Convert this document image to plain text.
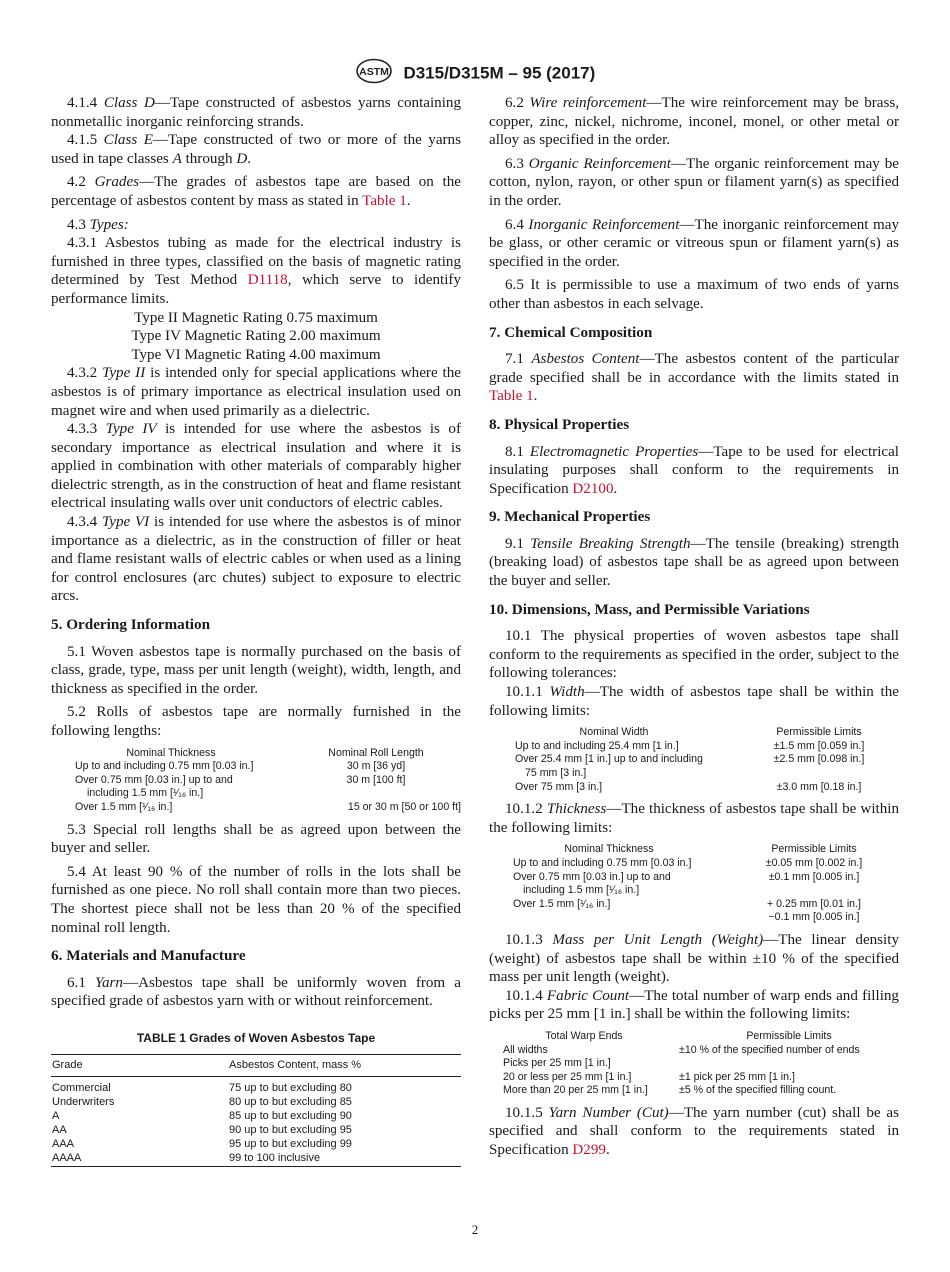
ASTM D315/D315M – 95 (2017)

4.1.4 Class D—Tape constructed of asbestos yarns containing nonmetallic inorganic reinforcing strands.

4.1.5 Class E—Tape constructed of two or more of the yarns used in tape classes A through D.

4.2 Grades—The grades of asbestos tape are based on the percentage of asbestos content by mass as stated in Table 1.

4.3 Types:

4.3.1 Asbestos tubing as made for the electrical industry is furnished in three types, classified on the basis of magnetic rating determined by Test Method D1118, which serve to identify performance limits.

Type II Magnetic Rating 0.75 maximum

Type IV Magnetic Rating 2.00 maximum

Type VI Magnetic Rating 4.00 maximum

4.3.2 Type II is intended only for special applications where the asbestos is of primary importance as electrical insulation used on magnet wire and when used primarily as a dielectric.

4.3.3 Type IV is intended for use where the asbestos is of secondary importance as electrical insulation and where it is applied in combination with other materials of comparably higher dielectric strength, as in the construction of heat and flame resistant electrical insulating walls over unit conductors of electric cables.

4.3.4 Type VI is intended for use where the asbestos is of minor importance as a dielectric, as in the construction of filler or heat and flame resistant walls of electric cables or when used as a lining for control enclosures (arc chutes) subject to exposure to electric arcs.

5. Ordering Information

5.1 Woven asbestos tape is normally purchased on the basis of class, grade, type, mass per unit length (weight), width, length, and thickness as specified in the order.

5.2 Rolls of asbestos tape are normally furnished in the following lengths:

Nominal Thickness	Nominal Roll Length
Up to and including 0.75 mm [0.03 in.]	30 m [36 yd]
Over 0.75 mm [0.03 in.] up to and	30 m [100 ft]
including 1.5 mm [¹⁄₁₆ in.]
Over 1.5 mm [¹⁄₁₆ in.]	15 or 30 m [50 or 100 ft]

5.3 Special roll lengths shall be as agreed upon between the buyer and seller.

5.4 At least 90 % of the number of rolls in the lots shall be furnished as one piece. No roll shall contain more than two pieces. The shortest piece shall not be less than 20 % of the specified nominal roll length.

6. Materials and Manufacture

6.1 Yarn—Asbestos tape shall be uniformly woven from a specified grade of asbestos yarn with or without reinforcement.

TABLE 1 Grades of Woven Asbestos Tape
Grade	Asbestos Content, mass %
Commercial	75 up to but excluding 80
Underwriters	80 up to but excluding 85
A	85 up to but excluding 90
AA	90 up to but excluding 95
AAA	95 up to but excluding 99
AAAA	99 to 100 inclusive

6.2 Wire reinforcement—The wire reinforcement may be brass, copper, zinc, nickel, nichrome, inconel, monel, or other metal or alloy as specified in the order.

6.3 Organic Reinforcement—The organic reinforcement may be cotton, nylon, rayon, or other spun or filament yarn(s) as specified in the order.

6.4 Inorganic Reinforcement—The inorganic reinforcement may be glass, or other ceramic or vitreous spun or filament yarn(s) as specified in the order.

6.5 It is permissible to use a maximum of two ends of yarns other than asbestos in each selvage.

7. Chemical Composition

7.1 Asbestos Content—The asbestos content of the particular grade specified shall be in accordance with the limits stated in Table 1.

8. Physical Properties

8.1 Electromagnetic Properties—Tape to be used for electrical insulating purposes shall conform to the requirements in Specification D2100.

9. Mechanical Properties

9.1 Tensile Breaking Strength—The tensile (breaking) strength (breaking load) of asbestos tape shall be as agreed upon between the buyer and seller.

10. Dimensions, Mass, and Permissible Variations

10.1 The physical properties of woven asbestos tape shall conform to the requirements as specified in the order, subject to the following tolerances:

10.1.1 Width—The width of asbestos tape shall be within the following limits:

Nominal Width	Permissible Limits
Up to and including 25.4 mm [1 in.]	±1.5 mm [0.059 in.]
Over 25.4 mm [1 in.] up to and including	±2.5 mm [0.098 in.]
75 mm [3 in.]
Over 75 mm [3 in.]	±3.0 mm [0.18 in.]

10.1.2 Thickness—The thickness of asbestos tape shall be within the following limits:

Nominal Thickness	Permissible Limits
Up to and including 0.75 mm [0.03 in.]	±0.05 mm [0.002 in.]
Over 0.75 mm [0.03 in.] up to and	±0.1 mm [0.005 in.]
including 1.5 mm [¹⁄₁₆ in.]
Over 1.5 mm [¹⁄₁₆ in.]	+ 0.25 mm [0.01 in.]
−0.1 mm [0.005 in.]

10.1.3 Mass per Unit Length (Weight)—The linear density (weight) of asbestos tape shall be within ±10 % of the specified mass per unit length (weight).

10.1.4 Fabric Count—The total number of warp ends and filling picks per 25 mm [1 in.] shall be within the following limits:

Total Warp Ends	Permissible Limits
All widths	±10 % of the specified number of ends
Picks per 25 mm [1 in.]
20 or less per 25 mm [1 in.]	±1 pick per 25 mm [1 in.]
More than 20 per 25 mm [1 in.]	±5 % of the specified filling count.

10.1.5 Yarn Number (Cut)—The yarn number (cut) shall be as specified and shall conform to the requirements stated in Specification D299.

2
